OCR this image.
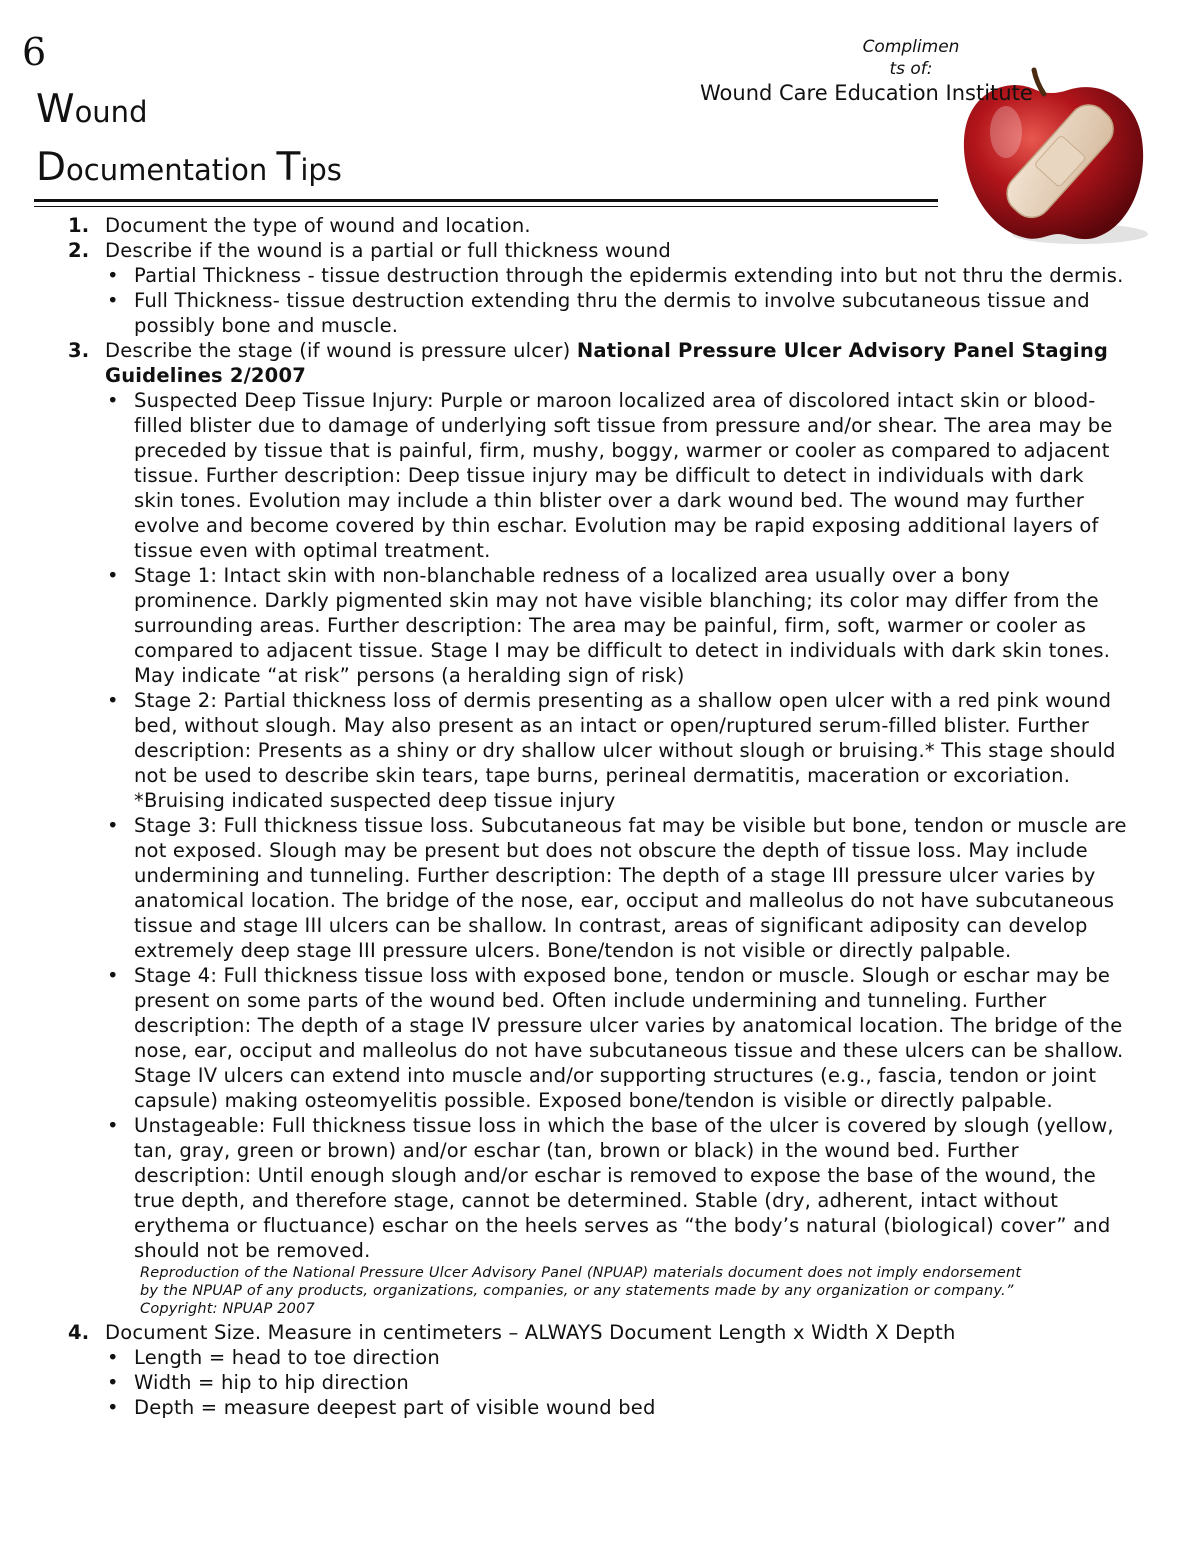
6
Wound
Documentation Tips
Complimen
ts of:
Wound Care Education Institute
1. Document the type of wound and location.
2. Describe if the wound is a partial or full thickness wound
• Partial Thickness - tissue destruction through the epidermis extending into but not thru the dermis.
• Full Thickness- tissue destruction extending thru the dermis to involve subcutaneous tissue and possibly bone and muscle.
3. Describe the stage (if wound is pressure ulcer) National Pressure Ulcer Advisory Panel Staging Guidelines 2/2007
• Suspected Deep Tissue Injury: Purple or maroon localized area of discolored intact skin or blood-filled blister due to damage of underlying soft tissue from pressure and/or shear. The area may be preceded by tissue that is painful, firm, mushy, boggy, warmer or cooler as compared to adjacent tissue. Further description: Deep tissue injury may be difficult to detect in individuals with dark skin tones. Evolution may include a thin blister over a dark wound bed. The wound may further evolve and become covered by thin eschar. Evolution may be rapid exposing additional layers of tissue even with optimal treatment.
• Stage 1: Intact skin with non-blanchable redness of a localized area usually over a bony prominence. Darkly pigmented skin may not have visible blanching; its color may differ from the surrounding areas. Further description: The area may be painful, firm, soft, warmer or cooler as compared to adjacent tissue. Stage I may be difficult to detect in individuals with dark skin tones. May indicate “at risk” persons (a heralding sign of risk)
• Stage 2: Partial thickness loss of dermis presenting as a shallow open ulcer with a red pink wound bed, without slough. May also present as an intact or open/ruptured serum-filled blister. Further description: Presents as a shiny or dry shallow ulcer without slough or bruising.* This stage should not be used to describe skin tears, tape burns, perineal dermatitis, maceration or excoriation. *Bruising indicated suspected deep tissue injury
• Stage 3: Full thickness tissue loss. Subcutaneous fat may be visible but bone, tendon or muscle are not exposed. Slough may be present but does not obscure the depth of tissue loss. May include undermining and tunneling. Further description: The depth of a stage III pressure ulcer varies by anatomical location. The bridge of the nose, ear, occiput and malleolus do not have subcutaneous tissue and stage III ulcers can be shallow. In contrast, areas of significant adiposity can develop extremely deep stage III pressure ulcers. Bone/tendon is not visible or directly palpable.
• Stage 4: Full thickness tissue loss with exposed bone, tendon or muscle. Slough or eschar may be present on some parts of the wound bed. Often include undermining and tunneling. Further description: The depth of a stage IV pressure ulcer varies by anatomical location. The bridge of the nose, ear, occiput and malleolus do not have subcutaneous tissue and these ulcers can be shallow. Stage IV ulcers can extend into muscle and/or supporting structures (e.g., fascia, tendon or joint capsule) making osteomyelitis possible. Exposed bone/tendon is visible or directly palpable.
• Unstageable: Full thickness tissue loss in which the base of the ulcer is covered by slough (yellow, tan, gray, green or brown) and/or eschar (tan, brown or black) in the wound bed. Further description: Until enough slough and/or eschar is removed to expose the base of the wound, the true depth, and therefore stage, cannot be determined. Stable (dry, adherent, intact without erythema or fluctuance) eschar on the heels serves as “the body’s natural (biological) cover” and should not be removed.
Reproduction of the National Pressure Ulcer Advisory Panel (NPUAP) materials document does not imply endorsement
by the NPUAP of any products, organizations, companies, or any statements made by any organization or company.”
Copyright: NPUAP 2007
4. Document Size. Measure in centimeters – ALWAYS Document Length x Width X Depth
• Length = head to toe direction
• Width = hip to hip direction
• Depth = measure deepest part of visible wound bed
